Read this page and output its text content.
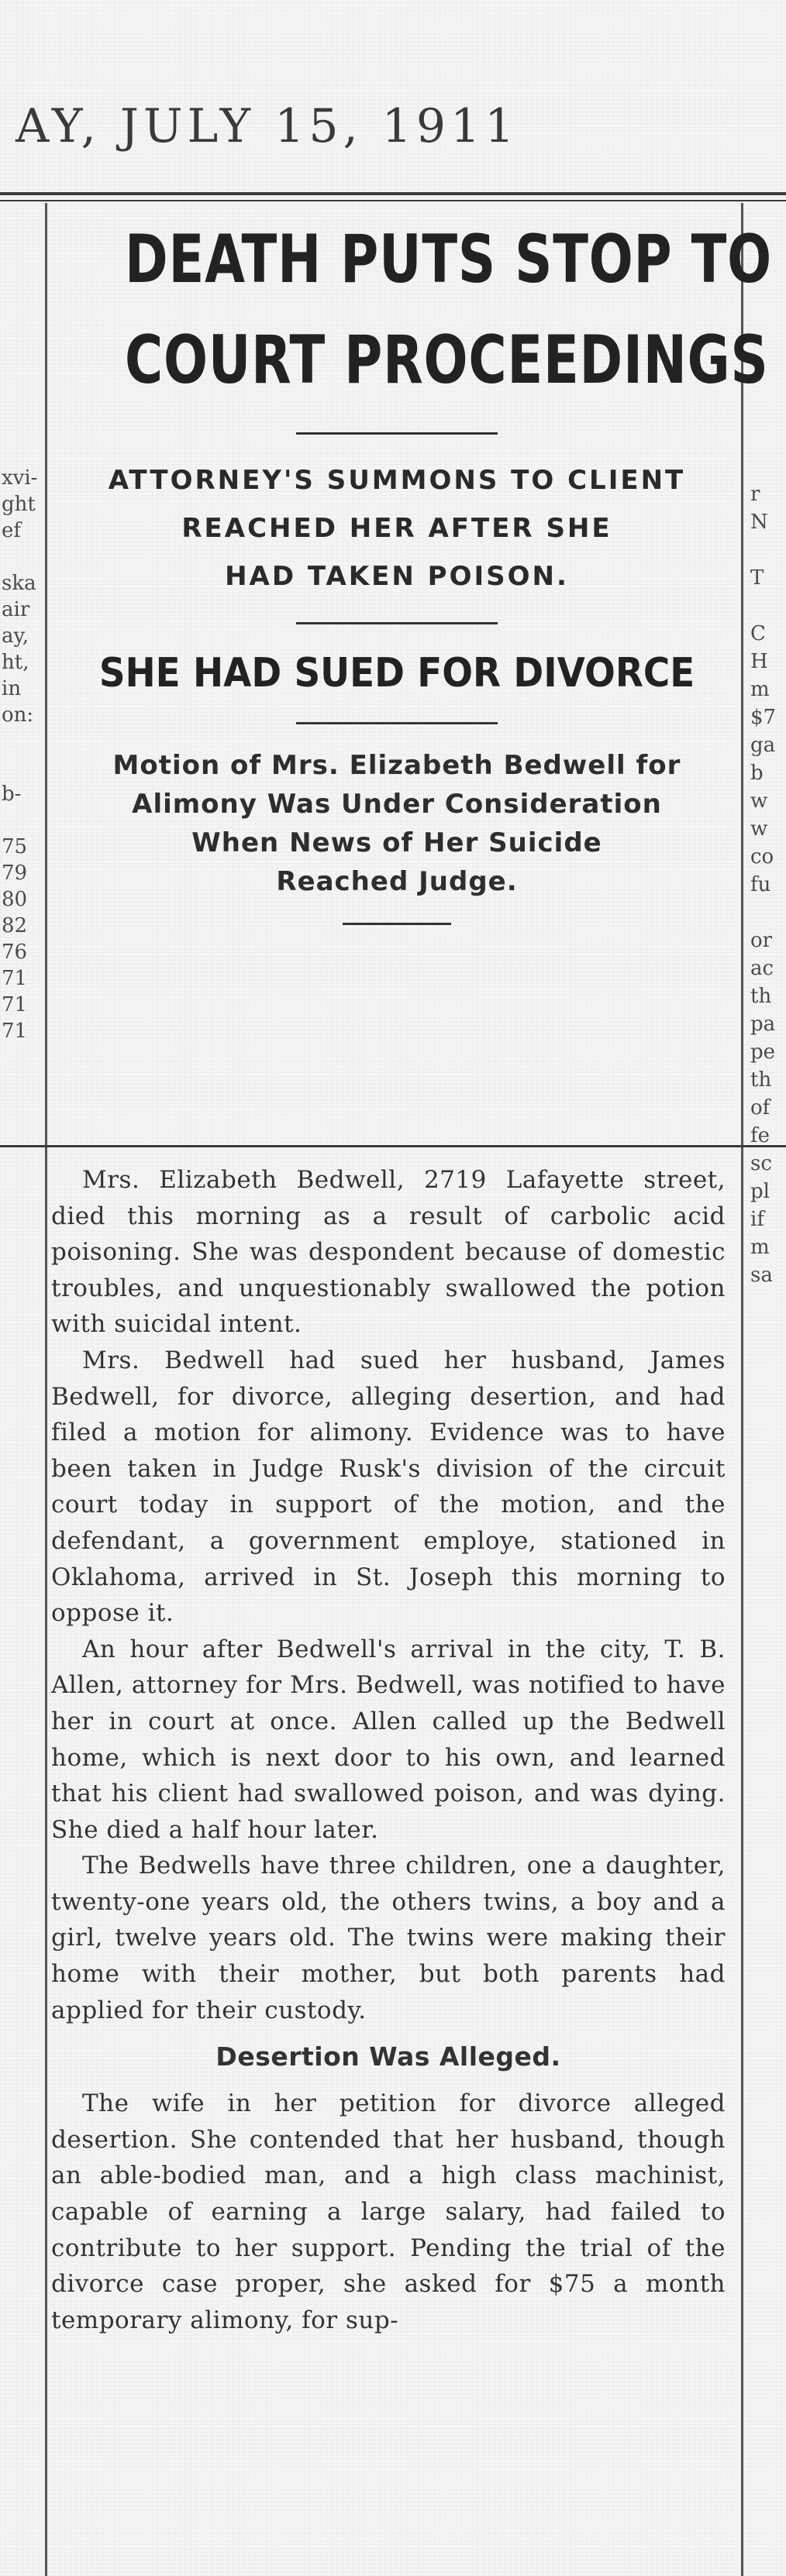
AY, JULY 15, 1911
xvi-
ght
ef

ska
air
ay,
ht,
in
on:

b-

75
79
80
82
76
71
71
71
r
N

T

C
H
m
$7
ga
b
w
w
co
fu

or
ac
th
pa
pe
th
of
fe
sc
pl
if
m
sa
DEATH PUTS STOP TO
COURT PROCEEDINGS
ATTORNEY'S SUMMONS TO CLIENT
REACHED HER AFTER SHE
HAD TAKEN POISON.
SHE HAD SUED FOR DIVORCE
Motion of Mrs. Elizabeth Bedwell for
Alimony Was Under Consideration
When News of Her Suicide
Reached Judge.

Mrs. Elizabeth Bedwell, 2719 Lafayette street, died this morning as a result of carbolic acid poisoning. She was despondent because of domestic troubles, and unquestionably swallowed the potion with suicidal intent.

Mrs. Bedwell had sued her husband, James Bedwell, for divorce, alleging desertion, and had filed a motion for alimony. Evidence was to have been taken in Judge Rusk's division of the circuit court today in support of the motion, and the defendant, a government employe, stationed in Oklahoma, arrived in St. Joseph this morning to oppose it.

An hour after Bedwell's arrival in the city, T. B. Allen, attorney for Mrs. Bedwell, was notified to have her in court at once. Allen called up the Bedwell home, which is next door to his own, and learned that his client had swallowed poison, and was dying. She died a half hour later.

The Bedwells have three children, one a daughter, twenty-one years old, the others twins, a boy and a girl, twelve years old. The twins were making their home with their mother, but both parents had applied for their custody.

Desertion Was Alleged.

The wife in her petition for divorce alleged desertion. She contended that her husband, though an able-bodied man, and a high class machinist, capable of earning a large salary, had failed to contribute to her support. Pending the trial of the divorce case proper, she asked for $75 a month temporary alimony, for sup-
